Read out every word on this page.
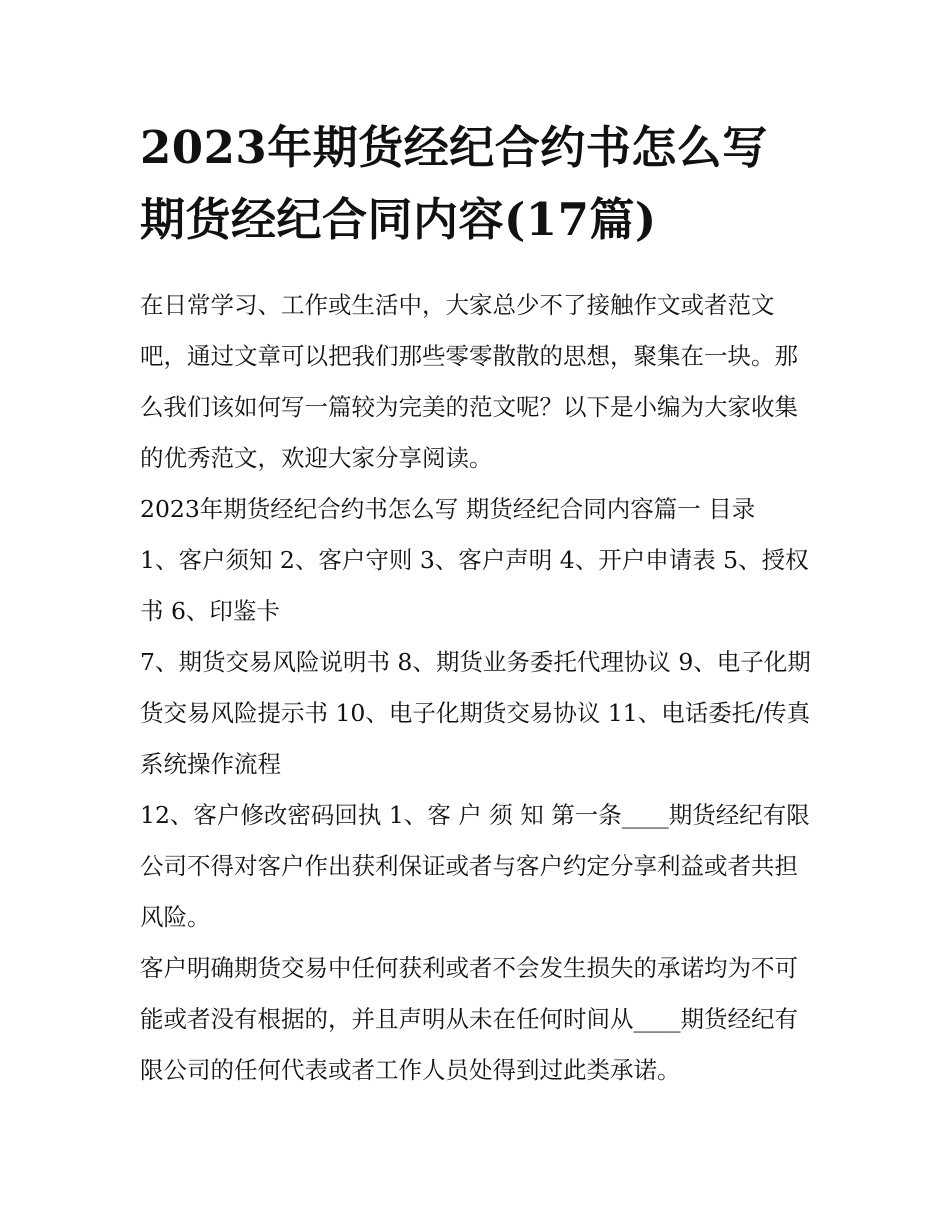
2023年期货经纪合约书怎么写
期货经纪合同内容(17篇)

在日常学习、工作或生活中，大家总少不了接触作文或者范文吧，通过文章可以把我们那些零零散散的思想，聚集在一块。那么我们该如何写一篇较为完美的范文呢？以下是小编为大家收集的优秀范文，欢迎大家分享阅读。

2023年期货经纪合约书怎么写 期货经纪合同内容篇一 目录

1、客户须知 2、客户守则 3、客户声明 4、开户申请表 5、授权书 6、印鉴卡

7、期货交易风险说明书 8、期货业务委托代理协议 9、电子化期货交易风险提示书 10、电子化期货交易协议 11、电话委托/传真系统操作流程

12、客户修改密码回执 1、客 户 须 知 第一条____期货经纪有限公司不得对客户作出获利保证或者与客户约定分享利益或者共担风险。

客户明确期货交易中任何获利或者不会发生损失的承诺均为不可能或者没有根据的，并且声明从未在任何时间从____期货经纪有限公司的任何代表或者工作人员处得到过此类承诺。
